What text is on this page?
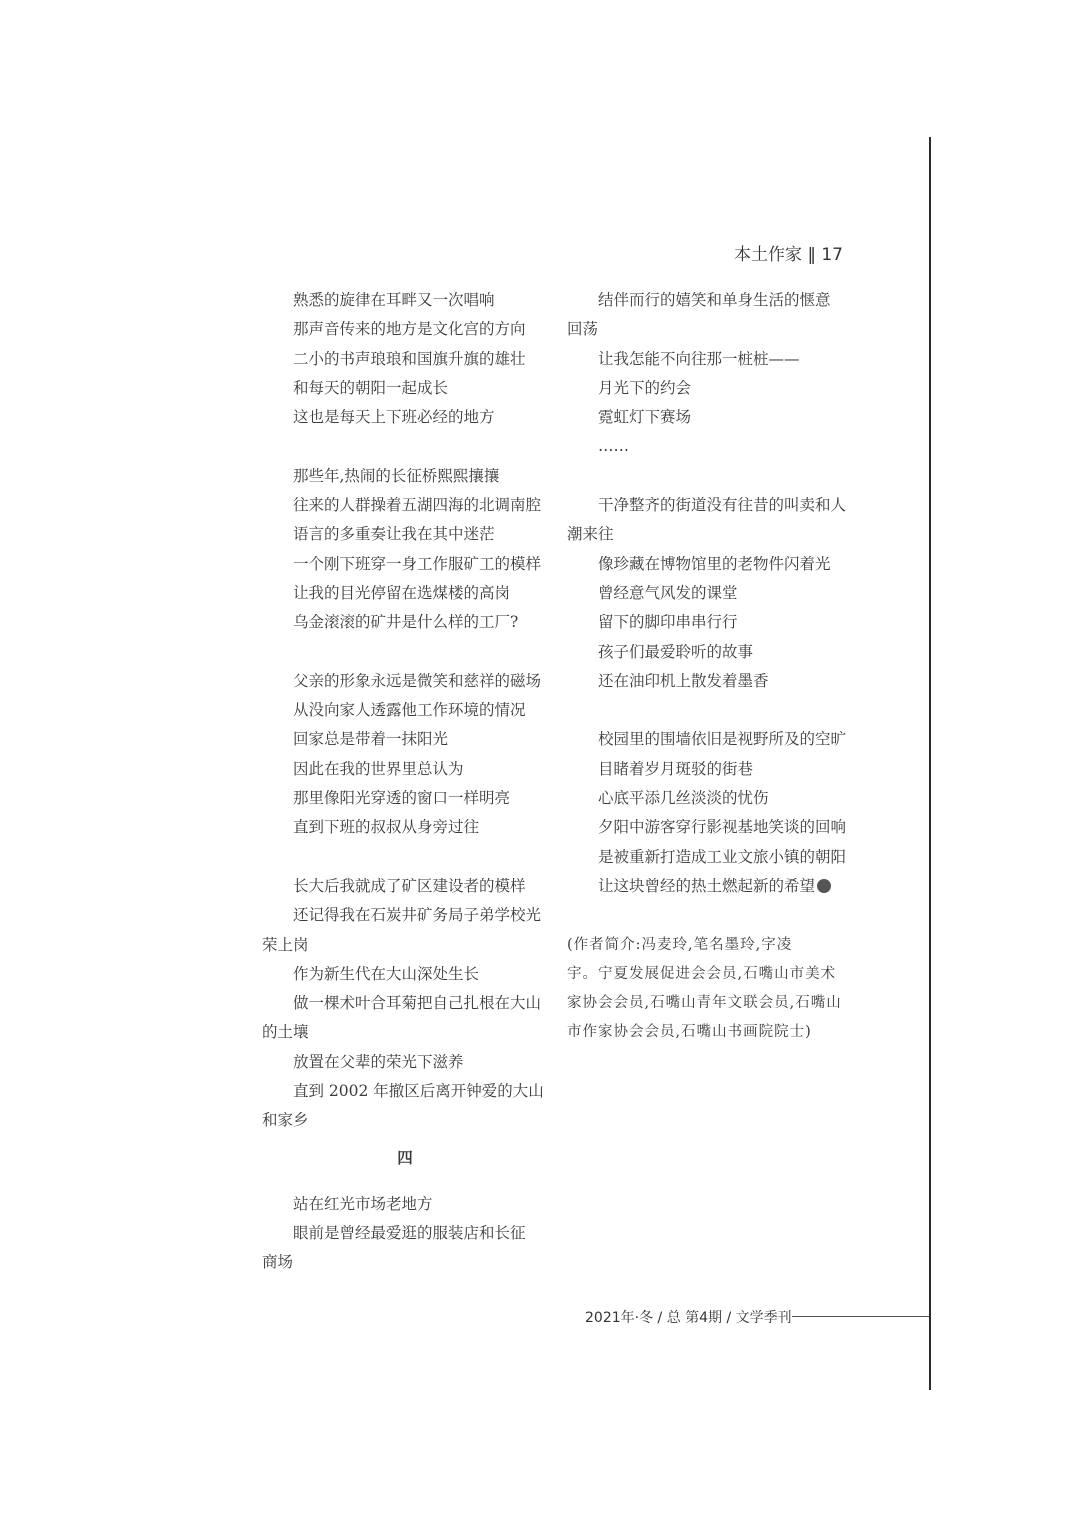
本土作家 ‖ 17
熟悉的旋律在耳畔又一次唱响
那声音传来的地方是文化宫的方向
二小的书声琅琅和国旗升旗的雄壮
和每天的朝阳一起成长
这也是每天上下班必经的地方
那些年,热闹的长征桥熙熙攘攘
往来的人群操着五湖四海的北调南腔
语言的多重奏让我在其中迷茫
一个刚下班穿一身工作服矿工的模样
让我的目光停留在选煤楼的高岗
乌金滚滚的矿井是什么样的工厂?
父亲的形象永远是微笑和慈祥的磁场
从没向家人透露他工作环境的情况
回家总是带着一抹阳光
因此在我的世界里总认为
那里像阳光穿透的窗口一样明亮
直到下班的叔叔从身旁过往
长大后我就成了矿区建设者的模样
还记得我在石炭井矿务局子弟学校光
荣上岗
作为新生代在大山深处生长
做一棵术叶合耳菊把自己扎根在大山
的土壤
放置在父辈的荣光下滋养
直到 2002 年撤区后离开钟爱的大山
和家乡
四
站在红光市场老地方
眼前是曾经最爱逛的服装店和长征
商场
结伴而行的嬉笑和单身生活的惬意
回荡
让我怎能不向往那一桩桩——
月光下的约会
霓虹灯下赛场
……
干净整齐的街道没有往昔的叫卖和人
潮来往
像珍藏在博物馆里的老物件闪着光
曾经意气风发的课堂
留下的脚印串串行行
孩子们最爱聆听的故事
还在油印机上散发着墨香
校园里的围墙依旧是视野所及的空旷
目睹着岁月斑驳的街巷
心底平添几丝淡淡的忧伤
夕阳中游客穿行影视基地笑谈的回响
是被重新打造成工业文旅小镇的朝阳
让这块曾经的热土燃起新的希望
(作者简介:冯麦玲,笔名墨玲,字凌
宇。宁夏发展促进会会员,石嘴山市美术
家协会会员,石嘴山青年文联会员,石嘴山
市作家协会会员,石嘴山书画院院士)
2021年·冬 / 总 第4期 / 文学季刊
